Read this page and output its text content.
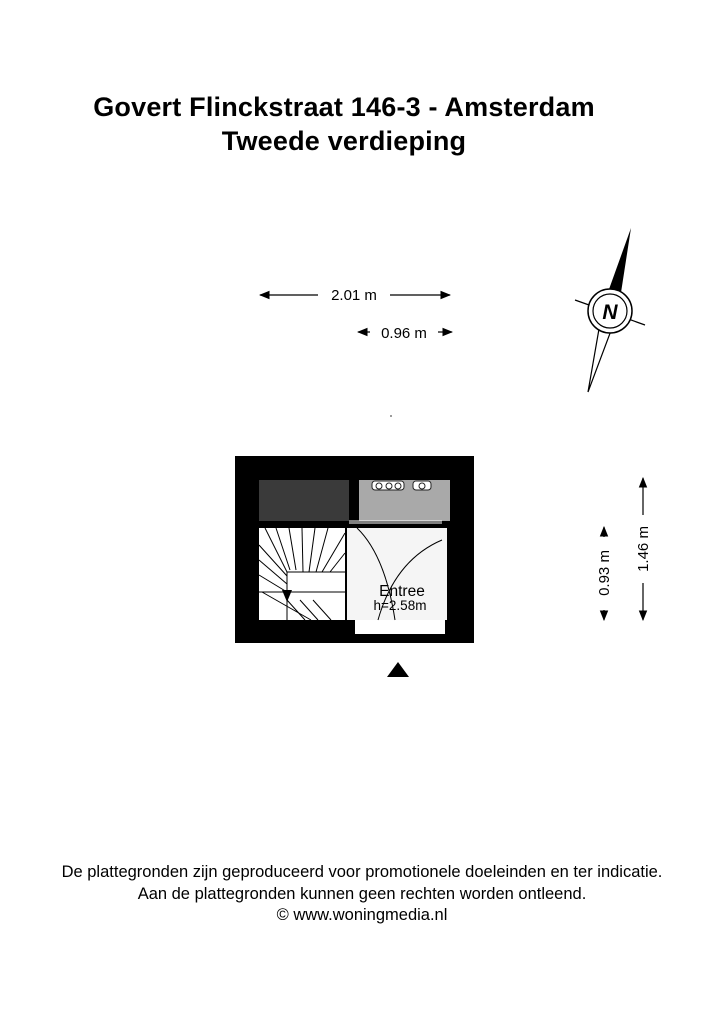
Govert Flinckstraat 146-3 - Amsterdam
Tweede verdieping
2.01 m
0.96 m
1.46 m
0.93 m
N
Entree
h=2.58m
De plattegronden zijn geproduceerd voor promotionele doeleinden en ter indicatie.
Aan de plattegronden kunnen geen rechten worden ontleend.
© www.woningmedia.nl
